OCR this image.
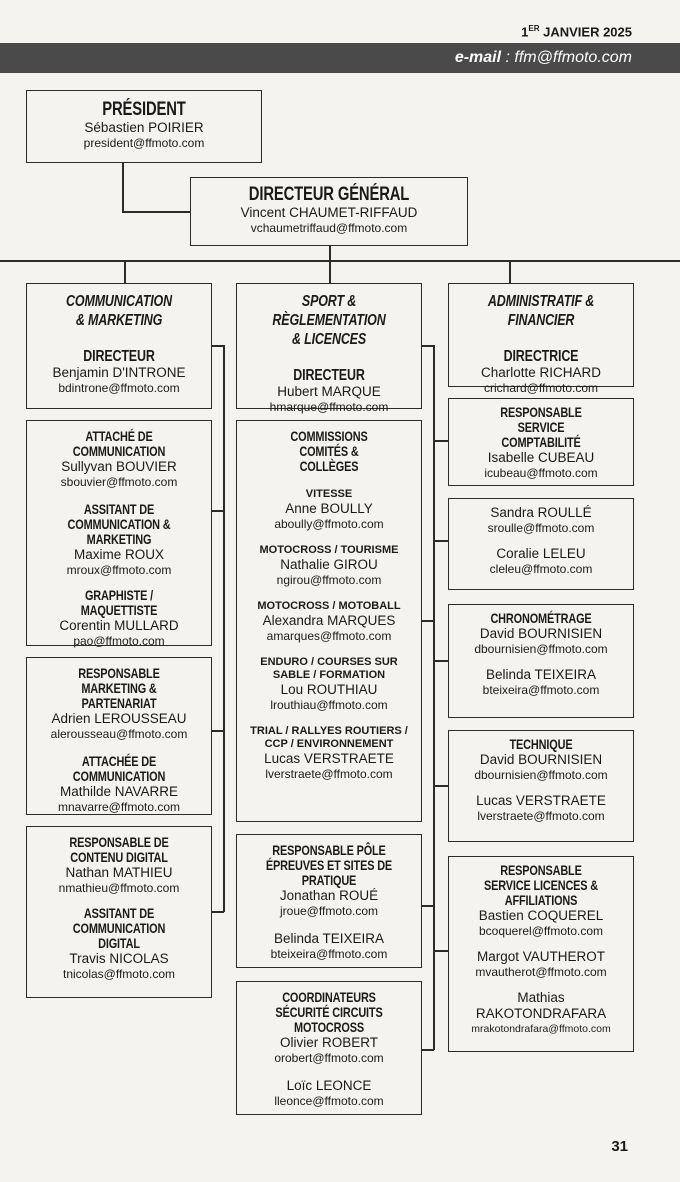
1ER JANVIER 2025
e-mail : ffm@ffmoto.com
PRÉSIDENT
Sébastien POIRIER
president@ffmoto.com
DIRECTEUR GÉNÉRAL
Vincent CHAUMET-RIFFAUD
vchaumetriffaud@ffmoto.com
COMMUNICATION
& MARKETING
DIRECTEUR
Benjamin D'INTRONE
bdintrone@ffmoto.com
ATTACHÉ DE COMMUNICATION
Sullyvan BOUVIER
sbouvier@ffmoto.com
ASSITANT DE COMMUNICATION & MARKETING
Maxime ROUX
mroux@ffmoto.com
GRAPHISTE / MAQUETTISTE
Corentin MULLARD
pao@ffmoto.com
RESPONSABLE MARKETING & PARTENARIAT
Adrien LEROUSSEAU
alerousseau@ffmoto.com
ATTACHÉE DE COMMUNICATION
Mathilde NAVARRE
mnavarre@ffmoto.com
RESPONSABLE DE CONTENU DIGITAL
Nathan MATHIEU
nmathieu@ffmoto.com
ASSITANT DE COMMUNICATION DIGITAL
Travis NICOLAS
tnicolas@ffmoto.com
SPORT & RÈGLEMENTATION
& LICENCES
DIRECTEUR
Hubert MARQUE
hmarque@ffmoto.com
COMMISSIONS COMITÉS & COLLÈGES
VITESSE
Anne BOULLY
aboully@ffmoto.com
MOTOCROSS / TOURISME
Nathalie GIROU
ngirou@ffmoto.com
MOTOCROSS / MOTOBALL
Alexandra MARQUES
amarques@ffmoto.com
ENDURO / COURSES SUR SABLE / FORMATION
Lou ROUTHIAU
lrouthiau@ffmoto.com
TRIAL / RALLYES ROUTIERS / CCP / ENVIRONNEMENT
Lucas VERSTRAETE
lverstraete@ffmoto.com
RESPONSABLE PÔLE ÉPREUVES ET SITES DE PRATIQUE
Jonathan ROUÉ
jroue@ffmoto.com
Belinda TEIXEIRA
bteixeira@ffmoto.com
COORDINATEURS SÉCURITÉ CIRCUITS MOTOCROSS
Olivier ROBERT
orobert@ffmoto.com
Loïc LEONCE
lleonce@ffmoto.com
ADMINISTRATIF & FINANCIER
DIRECTRICE
Charlotte RICHARD
crichard@ffmoto.com
RESPONSABLE SERVICE COMPTABILITÉ
Isabelle CUBEAU
icubeau@ffmoto.com
Sandra ROULLÉ
sroulle@ffmoto.com
Coralie LELEU
cleleu@ffmoto.com
CHRONOMÉTRAGE
David BOURNISIEN
dbournisien@ffmoto.com
Belinda TEIXEIRA
bteixeira@ffmoto.com
TECHNIQUE
David BOURNISIEN
dbournisien@ffmoto.com
Lucas VERSTRAETE
lverstraete@ffmoto.com
RESPONSABLE SERVICE LICENCES & AFFILIATIONS
Bastien COQUEREL
bcoquerel@ffmoto.com
Margot VAUTHEROT
mvautherot@ffmoto.com
Mathias RAKOTONDRAFARA
mrakotondrafara@ffmoto.com
31
